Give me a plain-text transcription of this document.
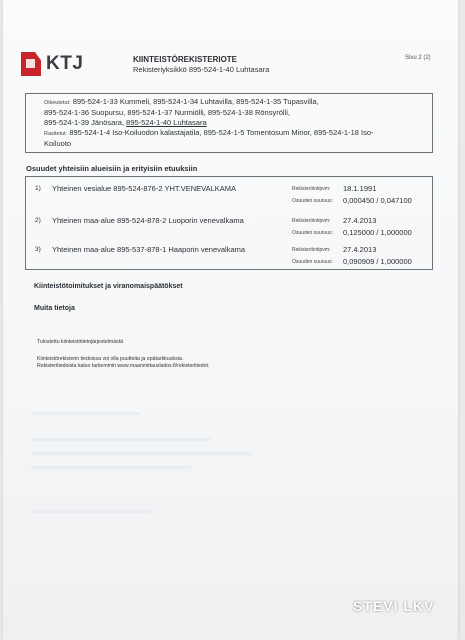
KTJ	KIINTEISTÖREKISTERIOTE
Rekisteriyksikkö 895-524-1-40 Luhtasara
Sivu 2 (2)
Oikeutetut: 895-524-1-33 Kummeli, 895-524-1-34 Luhtavilla, 895-524-1-35 Tupasvilla,
895-524-1-36 Suopursu, 895-524-1-37 Nurmiölli, 895-524-1-38 Rönsyrölli,
895-524-1-39 Jänösara, 895-524-1-40 Luhtasara
Rasitetut: 895-524-1-4 Iso-Koiluodon kalastajatila, 895-524-1-5 Tomentosum Minor, 895-524-1-18 Iso-
Koiluoto
Osuudet yhteisiin alueisiin ja erityisiin etuuksiin
1) Yhteinen vesialue 895-524-876-2 YHT.VENEVALKAMA	Rekisteröintipvm: 18.1.1991
Osuuden suuruus: 0,000450 / 0,047100
2) Yhteinen maa-alue 895-524-878-2 Luoporin venevalkama	Rekisteröintipvm: 27.4.2013
Osuuden suuruus: 0,125000 / 1,000000
3) Yhteinen maa-alue 895-537-878-1 Haaporin venevalkama	Rekisteröintipvm: 27.4.2013
Osuuden suuruus: 0,090909 / 1,000000
Kiinteistötoimitukset ja viranomaispäätökset
Muita tietoja
Tulostettu kiinteistötietojärjestelmästä
Kiinteistörekisterin tiedoissa voi olla puutteita ja epätarkkuuksia.
Rekisteritiedoista katso tarkemmin www.maanmittauslaitos.fi/rekisteritiedot.
STEVI LKV
